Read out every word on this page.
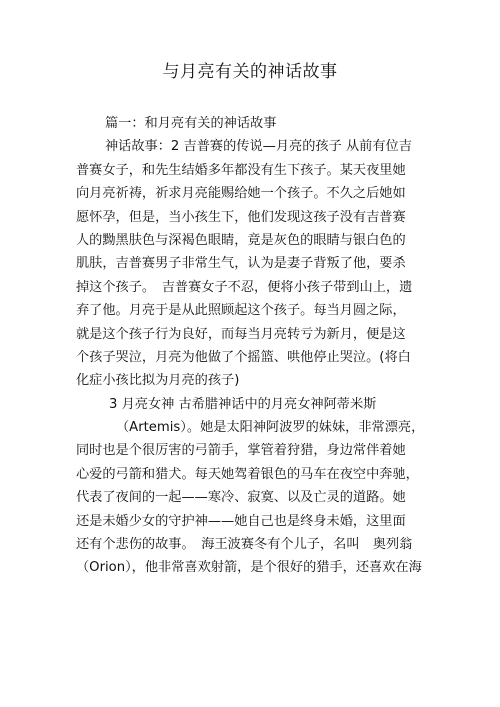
与月亮有关的神话故事
篇一：和月亮有关的神话故事
神话故事：2 吉普赛的传说—月亮的孩子 从前有位吉
普赛女子，和先生结婚多年都没有生下孩子。某天夜里她
向月亮祈祷，祈求月亮能赐给她一个孩子。不久之后她如
愿怀孕，但是，当小孩生下，他们发现这孩子没有吉普赛
人的黝黑肤色与深褐色眼睛，竟是灰色的眼睛与银白色的
肌肤，吉普赛男子非常生气，认为是妻子背叛了他，要杀
掉这个孩子。　吉普赛女子不忍，便将小孩子带到山上，遗
弃了他。月亮于是从此照顾起这个孩子。每当月圆之际，
就是这个孩子行为良好，而每当月亮转亏为新月，便是这
个孩子哭泣，月亮为他做了个摇篮、哄他停止哭泣。(将白
化症小孩比拟为月亮的孩子)
3 月亮女神 古希腊神话中的月亮女神阿蒂米斯
（Artemis）。她是太阳神阿波罗的妹妹，非常漂亮，
同时也是个很厉害的弓箭手，掌管着狩猎，身边常伴着她
心爱的弓箭和猎犬。每天她驾着银色的马车在夜空中奔驰，
代表了夜间的一起——寒冷、寂寞、以及亡灵的道路。她
还是未婚少女的守护神——她自己也是终身未婚，这里面
还有个悲伤的故事。　海王波赛冬有个儿子，名叫　奥列翁
（Orion），他非常喜欢射箭，是个很好的猎手，还喜欢在海
